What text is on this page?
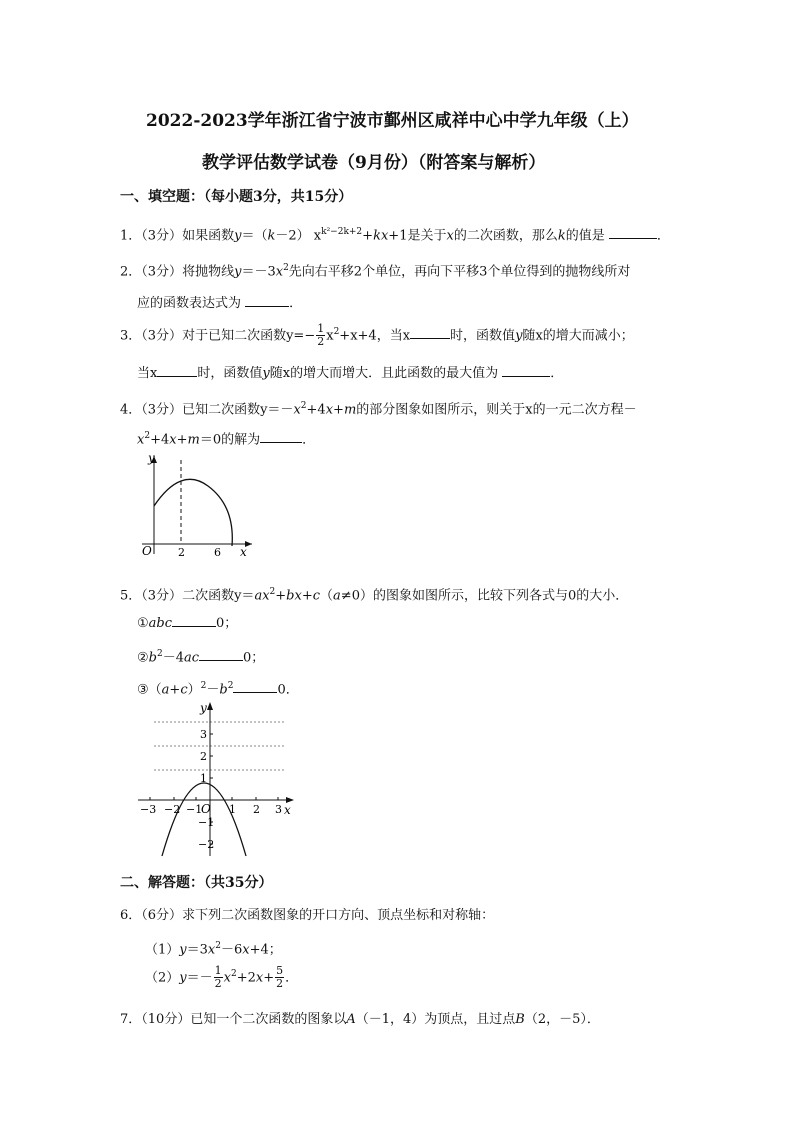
2022-2023学年浙江省宁波市鄞州区咸祥中心中学九年级（上）
教学评估数学试卷（9月份）（附答案与解析）
一、填空题：（每小题3分，共15分）
1．（3分）如果函数y＝（k－2） $x^{k^2-2k+2}+kx+1$是关于x的二次函数，那么k的值是	．
2．（3分）将抛物线$y=-3x^2$先向右平移2个单位，再向下平移3个单位得到的抛物线所对
应的函数表达式为	．
3．（3分）对于已知二次函数$y=- \frac{1}{2} x^2+x+4$，当x	时，函数值y随x的增大而减小；
当x	时，函数值y随x的增大而增大．且此函数的最大值为	．
4．（3分）已知二次函数$y=-x^2+4x+m$的部分图象如图所示，则关于x的一元二次方程－
$x^2+4x+m=0$的解为	．
y
x
O 2	6
5．（3分）二次函数$y=ax^2+bx+c(a\ne 0)$的图象如图所示，比较下列各式与0的大小．
①abc	0；
$②b^2-4ac$	0；
$③(a+c)^2-b^2$	0．
y
x
O
−3 −2 −1 1 2 3
3
2
1
−1
−2
二、解答题：（共35分）
6．（6分）求下列二次函数图象的开口方向、顶点坐标和对称轴：
$(1)y=3x^2-6x+4$；
$(2)y=- \frac{1}{2} x^2+2x+ \frac{5}{2}$ ．
7．（10分）已知一个二次函数的图象以A（－1，4）为顶点，且过点B（2，－5）．
